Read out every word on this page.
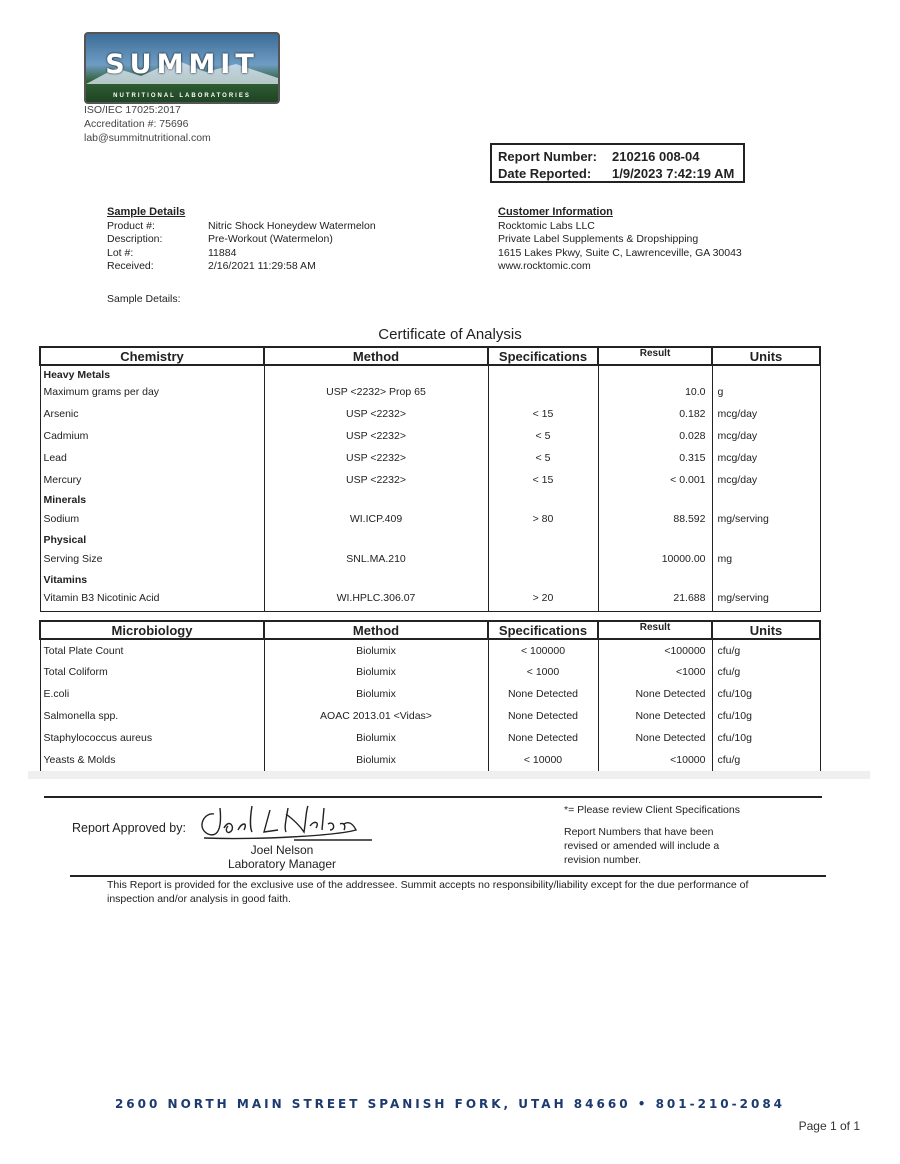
SUMMIT
NUTRITIONAL LABORATORIES
ISO/IEC 17025:2017
Accreditation #: 75696
lab@summitnutritional.com
Report Number:	210216 008-04
Date Reported:	1/9/2023 7:42:19 AM
Sample Details
Product #:	Nitric Shock Honeydew Watermelon
Description:	Pre-Workout (Watermelon)
Lot #:	11884
Received:	2/16/2021 11:29:58 AM
Sample Details:
Customer Information
Rocktomic Labs LLC
Private Label Supplements & Dropshipping
1615 Lakes Pkwy, Suite C, Lawrenceville, GA 30043
www.rocktomic.com
Certificate of Analysis
Chemistry	Method	Specifications	Result	Units
Heavy Metals				
Maximum grams per day	USP <2232> Prop 65		10.0	g
Arsenic	USP <2232>	< 15	0.182	mcg/day
Cadmium	USP <2232>	< 5	0.028	mcg/day
Lead	USP <2232>	< 5	0.315	mcg/day
Mercury	USP <2232>	< 15	< 0.001	mcg/day
Minerals				
Sodium	WI.ICP.409	> 80	88.592	mg/serving
Physical				
Serving Size	SNL.MA.210		10000.00	mg
Vitamins				
Vitamin B3 Nicotinic Acid	WI.HPLC.306.07	> 20	21.688	mg/serving
Microbiology	Method	Specifications	Result	Units
Total Plate Count	Biolumix	< 100000	<100000	cfu/g
Total Coliform	Biolumix	< 1000	<1000	cfu/g
E.coli	Biolumix	None Detected	None Detected	cfu/10g
Salmonella spp.	AOAC 2013.01 <Vidas>	None Detected	None Detected	cfu/10g
Staphylococcus aureus	Biolumix	None Detected	None Detected	cfu/10g
Yeasts & Molds	Biolumix	< 10000	<10000	cfu/g
Report Approved by:
Joel Nelson
Laboratory Manager
*= Please review Client Specifications
Report Numbers that have been revised or amended will include a revision number.
This Report is provided for the exclusive use of the addressee. Summit accepts no responsibility/liability except for the due performance of inspection and/or analysis in good faith.
2600 NORTH MAIN STREET SPANISH FORK, UTAH 84660 • 801-210-2084
Page 1 of 1
